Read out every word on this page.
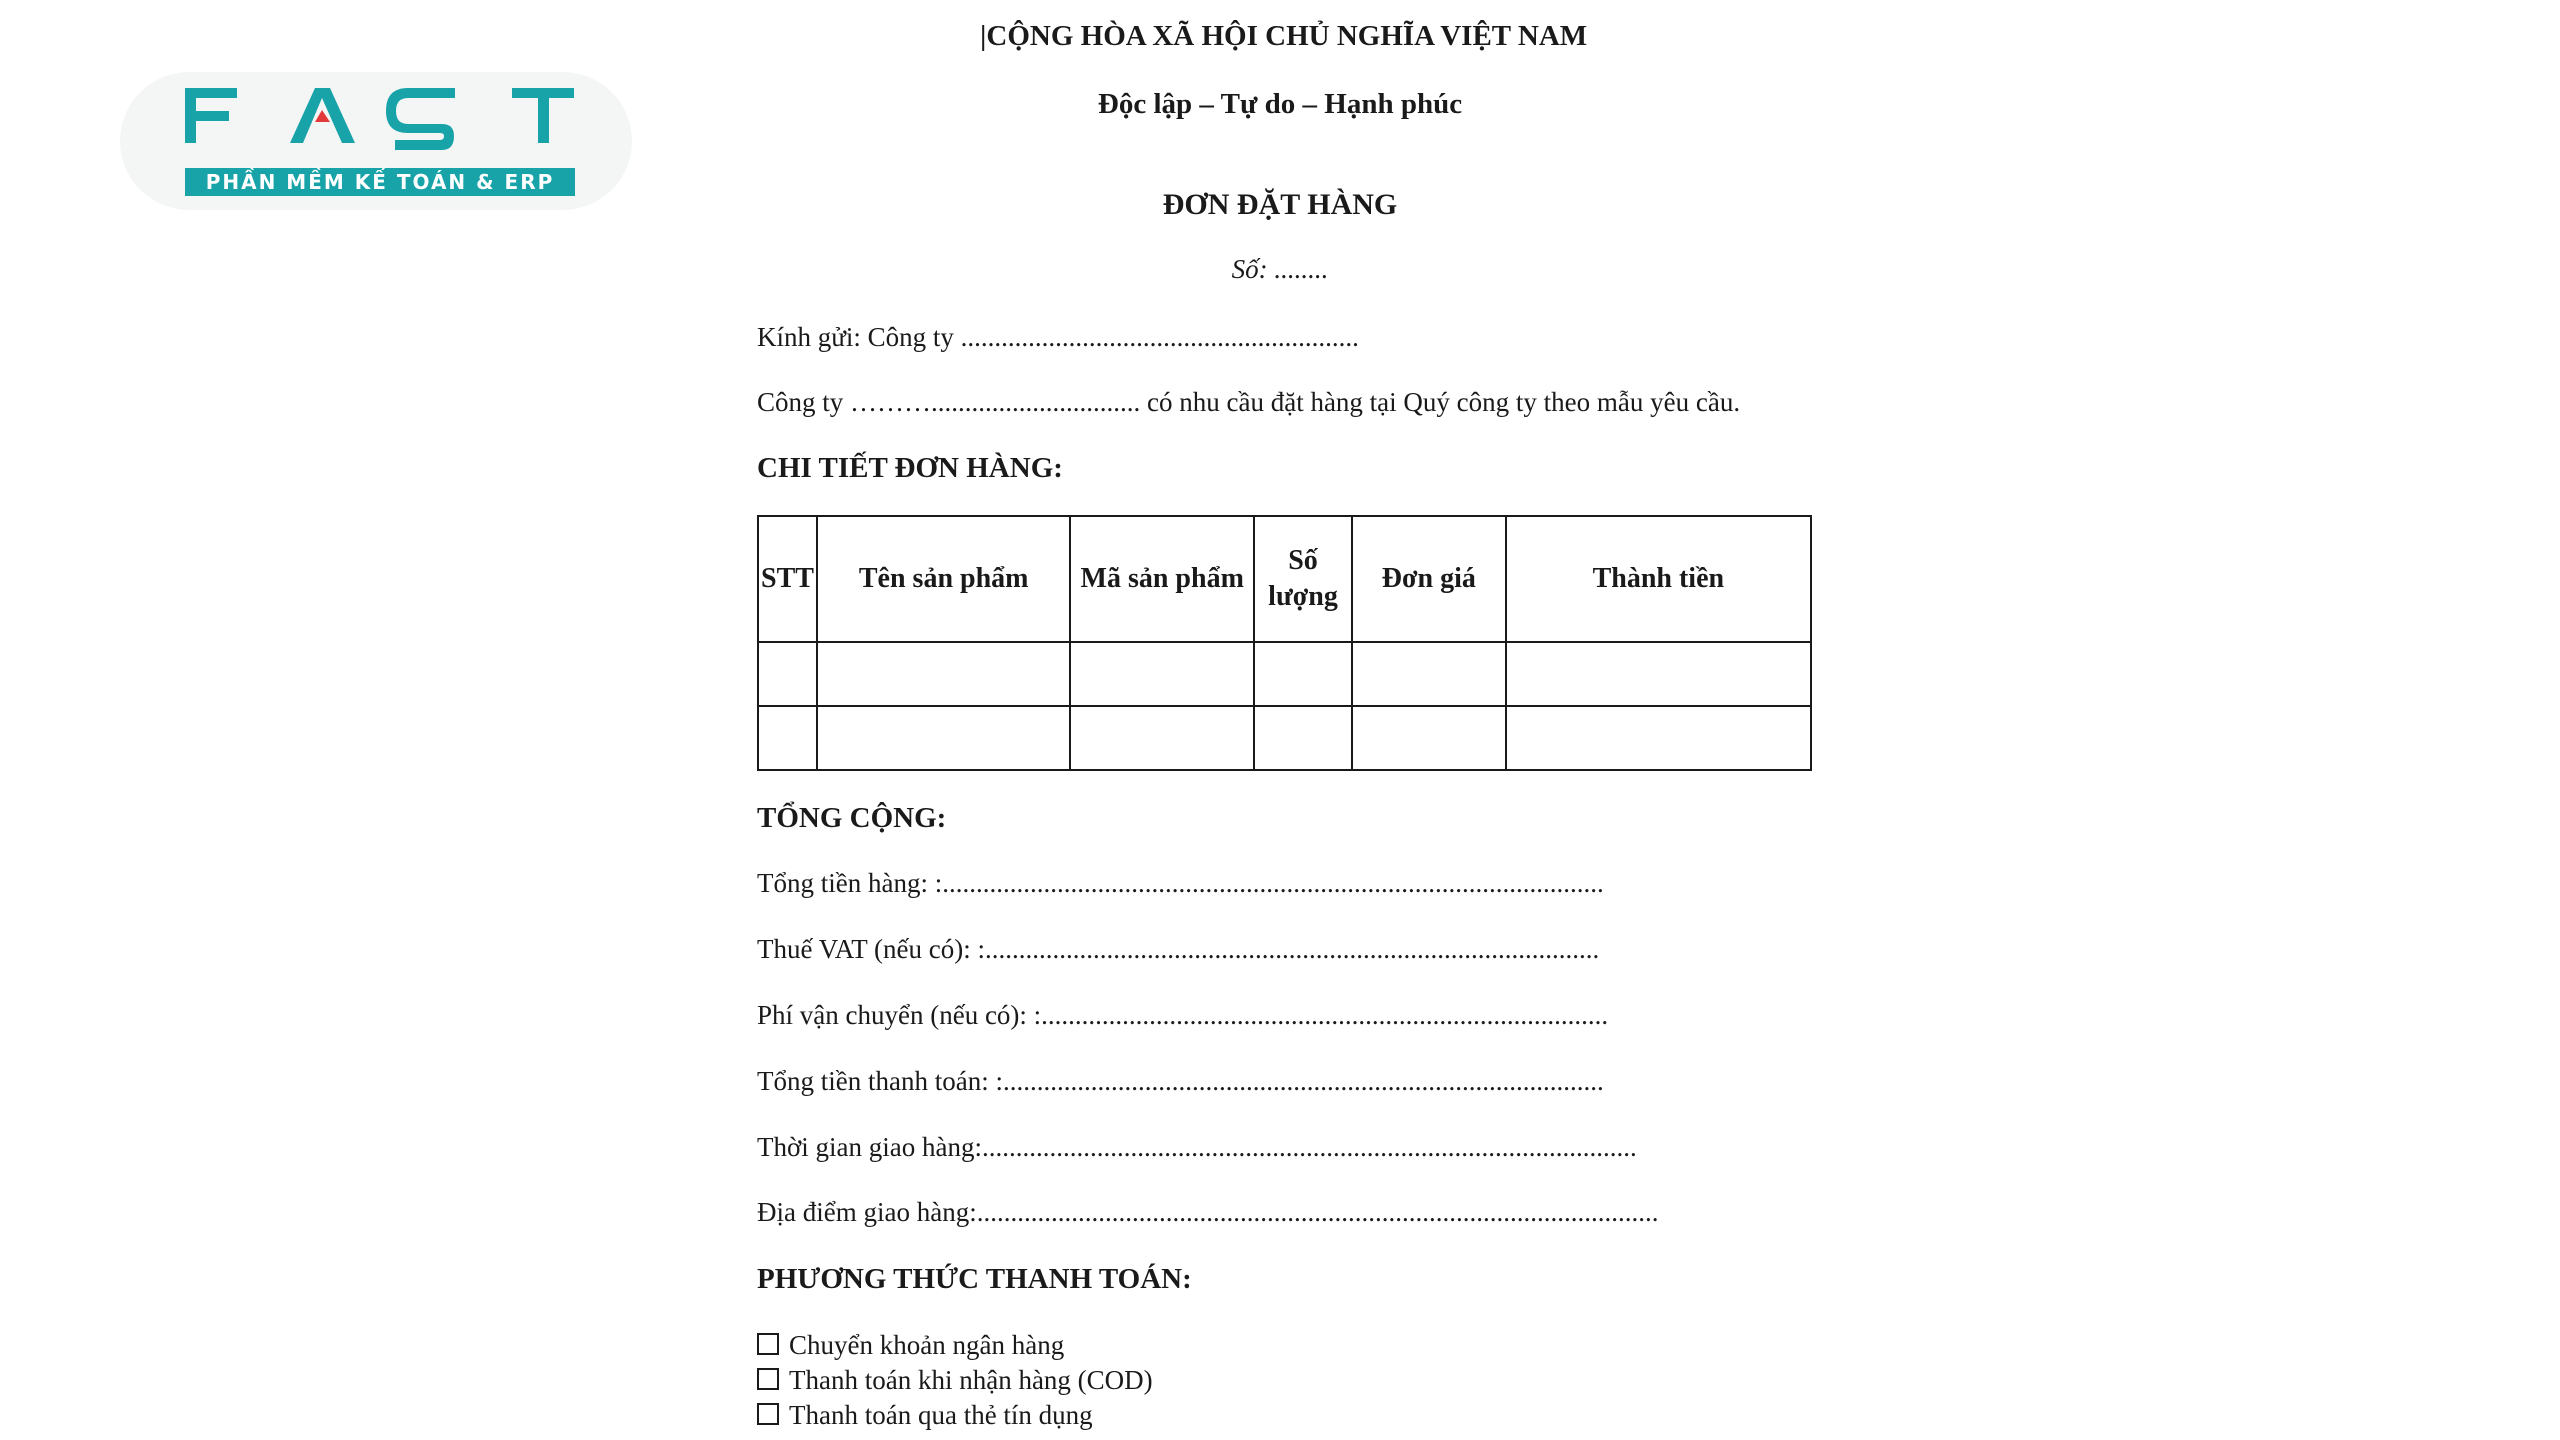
PHẦN MỀM KẾ TOÁN & ERP
|CỘNG HÒA XÃ HỘI CHỦ NGHĨA VIỆT NAM
Độc lập – Tự do – Hạnh phúc
ĐƠN ĐẶT HÀNG
Số: ........
Kính gửi: Công ty ...........................................................
Công ty ………............................... có nhu cầu đặt hàng tại Quý công ty theo mẫu yêu cầu.
CHI TIẾT ĐƠN HÀNG:
STT	Tên sản phẩm	Mã sản phẩm	Số lượng	Đơn giá	Thành tiền

TỔNG CỘNG:
Tổng tiền hàng: :..................................................................................................
Thuế VAT (nếu có): :...........................................................................................
Phí vận chuyển (nếu có): :....................................................................................
Tổng tiền thanh toán: :.........................................................................................
Thời gian giao hàng:.................................................................................................
Địa điểm giao hàng:.....................................................................................................
PHƯƠNG THỨC THANH TOÁN:
Chuyển khoản ngân hàng
Thanh toán khi nhận hàng (COD)
Thanh toán qua thẻ tín dụng
